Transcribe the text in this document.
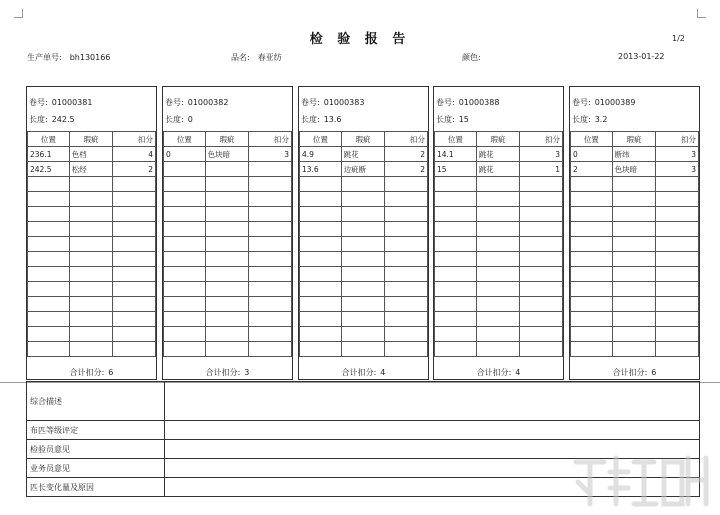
检 验 报 告	1/2
生产单号: bh130166	品名: 春亚纺	颜色:	2013-01-22
卷号: 01000381
长度: 242.5
位置	瑕疵	扣分
236.1	色档	4
242.5	松经	2

合计扣分: 6
卷号: 01000382
长度: 0
位置	瑕疵	扣分
0	色块暗	3

合计扣分: 3
卷号: 01000383
长度: 13.6
位置	瑕疵	扣分
4.9	跳花	2
13.6	边疵断	2

合计扣分: 4
卷号: 01000388
长度: 15
位置	瑕疵	扣分
14.1	跳花	3
15	跳花	1

合计扣分: 4
卷号: 01000389
长度: 3.2
位置	瑕疵	扣分
0	断纬	3
2	色块暗	3

合计扣分: 6
综合描述	
布匹等级评定	
检验员意见	
业务员意见	
匹长变化量及原因	
